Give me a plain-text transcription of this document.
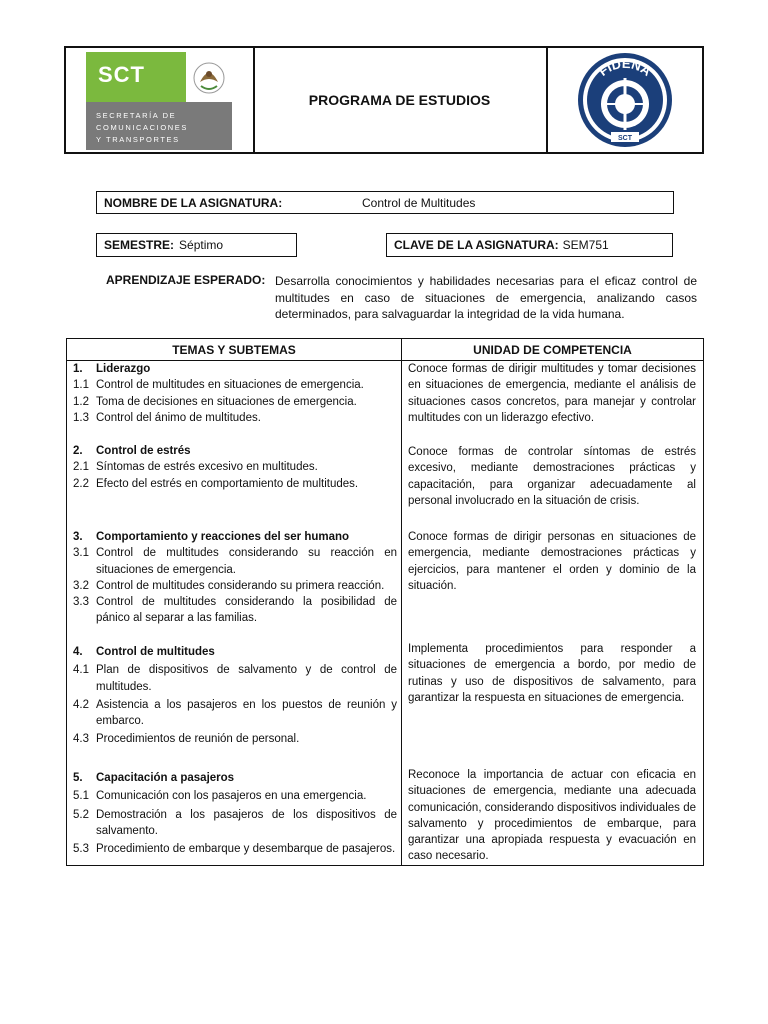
SCT
SECRETARÍA DE
COMUNICACIONES
Y TRANSPORTES
PROGRAMA DE ESTUDIOS
FIDENA
SCT
NOMBRE DE LA ASIGNATURA:	Control de Multitudes
SEMESTRE: Séptimo	CLAVE DE LA ASIGNATURA: SEM751
APRENDIZAJE ESPERADO: Desarrolla conocimientos y habilidades necesarias para el eficaz control de multitudes en caso de situaciones de emergencia, analizando casos determinados, para salvaguardar la integridad de la vida humana.
TEMAS Y SUBTEMAS	UNIDAD DE COMPETENCIA
1. Liderazgo
1.1 Control de multitudes en situaciones de emergencia.
1.2 Toma de decisiones en situaciones de emergencia.
1.3 Control del ánimo de multitudes.
Conoce formas de dirigir multitudes y tomar decisiones en situaciones de emergencia, mediante el análisis de situaciones casos concretos, para manejar y controlar multitudes con un liderazgo efectivo.
2. Control de estrés
2.1 Síntomas de estrés excesivo en multitudes.
2.2 Efecto del estrés en comportamiento de multitudes.
Conoce formas de controlar síntomas de estrés excesivo, mediante demostraciones prácticas y capacitación, para organizar adecuadamente al personal involucrado en la situación de crisis.
3. Comportamiento y reacciones del ser humano
3.1 Control de multitudes considerando su reacción en situaciones de emergencia.
3.2 Control de multitudes considerando su primera reacción.
3.3 Control de multitudes considerando la posibilidad de pánico al separar a las familias.
Conoce formas de dirigir personas en situaciones de emergencia, mediante demostraciones prácticas y ejercicios, para mantener el orden y dominio de la situación.
4. Control de multitudes
4.1 Plan de dispositivos de salvamento y de control de multitudes.
4.2 Asistencia a los pasajeros en los puestos de reunión y embarco.
4.3 Procedimientos de reunión de personal.
Implementa procedimientos para responder a situaciones de emergencia a bordo, por medio de rutinas y uso de dispositivos de salvamento, para garantizar la respuesta en situaciones de emergencia.
5. Capacitación a pasajeros
5.1 Comunicación con los pasajeros en una emergencia.
5.2 Demostración a los pasajeros de los dispositivos de salvamento.
5.3 Procedimiento de embarque y desembarque de pasajeros.
Reconoce la importancia de actuar con eficacia en situaciones de emergencia, mediante una adecuada comunicación, considerando dispositivos individuales de salvamento y procedimientos de embarque, para garantizar una apropiada respuesta y evacuación en caso necesario.
